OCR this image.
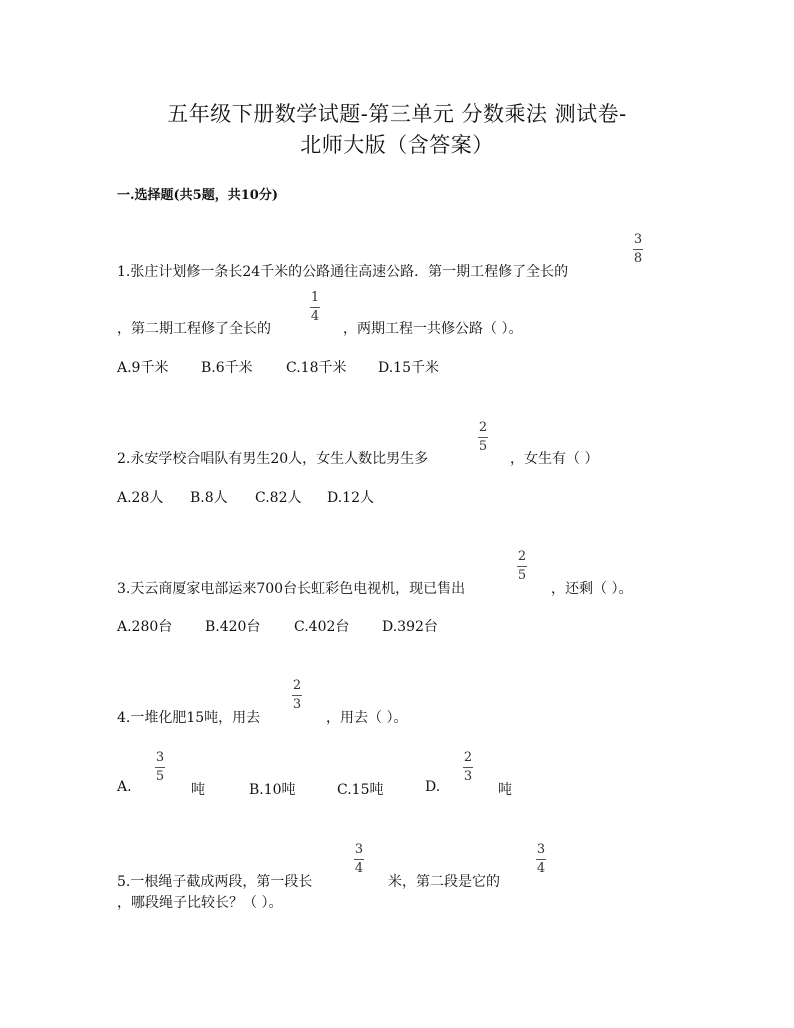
五年级下册数学试题-第三单元 分数乘法 测试卷-
北师大版（含答案）
一.选择题(共5题，共10分)
1.张庄计划修一条长24千米的公路通往高速公路．第一期工程修了全长的
3
8
，第二期工程修了全长的
1
4
，两期工程一共修公路（ ）。
A.9千米 B.6千米 C.18千米 D.15千米
2.永安学校合唱队有男生20人，女生人数比男生多
2
5
，女生有（ ）
A.28人 B.8人 C.82人 D.12人
3.天云商厦家电部运来700台长虹彩色电视机，现已售出
2
5
，还剩（ ）。
A.280台 B.420台 C.402台 D.392台
4.一堆化肥15吨，用去
2
3
，用去（ ）。
A.
3
5
吨	B.10吨	C.15吨	D.
2
3
吨
5.一根绳子截成两段，第一段长
3
4
米，第二段是它的
3
4
，哪段绳子比较长？（ ）。
